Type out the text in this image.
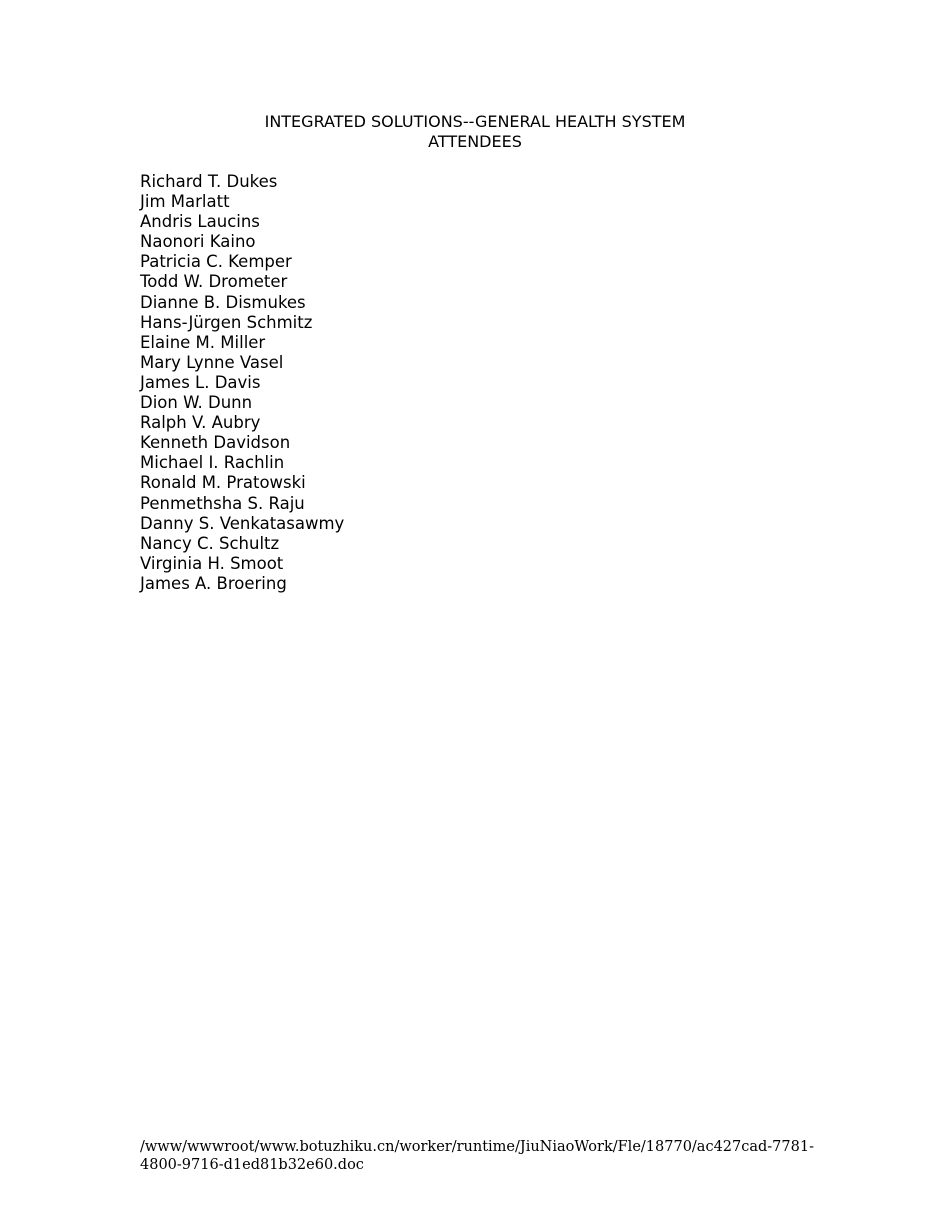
INTEGRATED SOLUTIONS--GENERAL HEALTH SYSTEM
ATTENDEES
Richard T. Dukes
Jim Marlatt
Andris Laucins
Naonori Kaino
Patricia C. Kemper
Todd W. Drometer
Dianne B. Dismukes
Hans-Jürgen Schmitz
Elaine M. Miller
Mary Lynne Vasel
James L. Davis
Dion W. Dunn
Ralph V. Aubry
Kenneth Davidson
Michael I. Rachlin
Ronald M. Pratowski
Penmethsha S. Raju
Danny S. Venkatasawmy
Nancy C. Schultz
Virginia H. Smoot
James A. Broering
/www/wwwroot/www.botuzhiku.cn/worker/runtime/JiuNiaoWork/Fle/18770/ac427cad-7781-4800-9716-d1ed81b32e60.doc
